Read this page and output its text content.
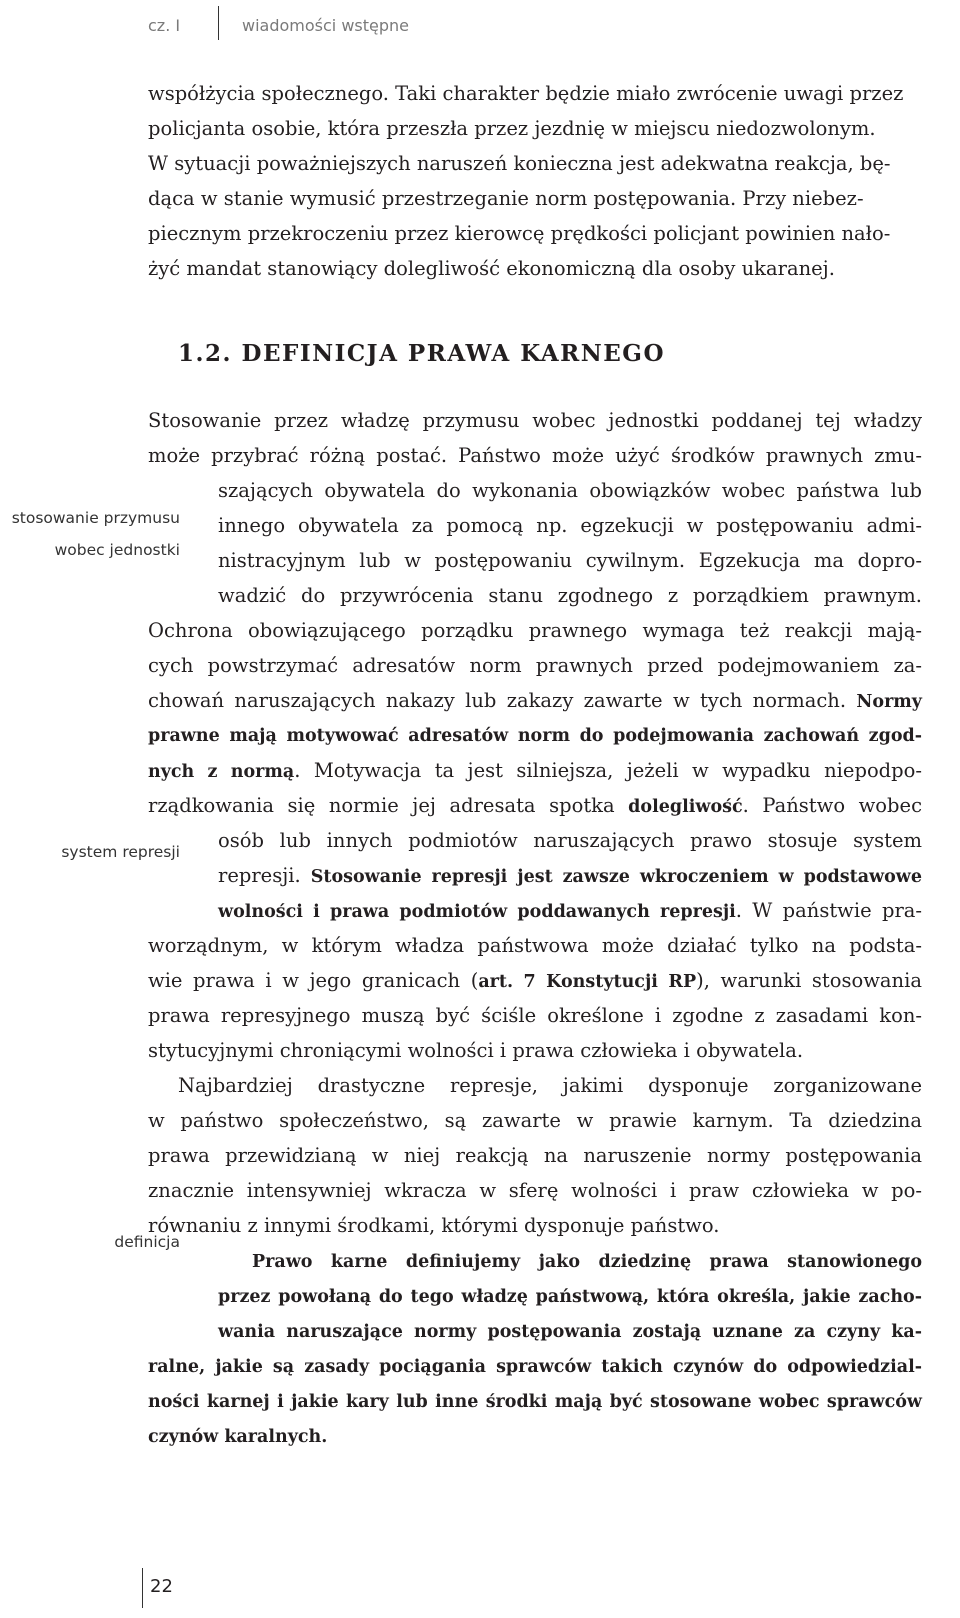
cz. I	wiadomości wstępne
współżycia społecznego. Taki charakter będzie miało zwrócenie uwagi przez
policjanta osobie, która przeszła przez jezdnię w miejscu niedozwolonym.
W sytuacji poważniejszych naruszeń konieczna jest adekwatna reakcja, bę-
dąca w stanie wymusić przestrzeganie norm postępowania. Przy niebez-
piecznym przekroczeniu przez kierowcę prędkości policjant powinien nało-
żyć mandat stanowiący dolegliwość ekonomiczną dla osoby ukaranej.
1.2. DEFINICJA PRAWA KARNEGO
stosowanie przymusu
wobec jednostki
system represji
definicja
Stosowanie przez władzę przymusu wobec jednostki poddanej tej władzy
może przybrać różną postać. Państwo może użyć środków prawnych zmu-
szających obywatela do wykonania obowiązków wobec państwa lub
innego obywatela za pomocą np. egzekucji w postępowaniu admi-
nistracyjnym lub w postępowaniu cywilnym. Egzekucja ma dopro-
wadzić do przywrócenia stanu zgodnego z porządkiem prawnym.
Ochrona obowiązującego porządku prawnego wymaga też reakcji mają-
cych powstrzymać adresatów norm prawnych przed podejmowaniem za-
chowań naruszających nakazy lub zakazy zawarte w tych normach. Normy
prawne mają motywować adresatów norm do podejmowania zachowań zgod-
nych z normą. Motywacja ta jest silniejsza, jeżeli w wypadku niepodpo-
rządkowania się normie jej adresata spotka dolegliwość. Państwo wobec
osób lub innych podmiotów naruszających prawo stosuje system
represji. Stosowanie represji jest zawsze wkroczeniem w podstawowe
wolności i prawa podmiotów poddawanych represji. W państwie pra-
worządnym, w którym władza państwowa może działać tylko na podsta-
wie prawa i w jego granicach (art. 7 Konstytucji RP), warunki stosowania
prawa represyjnego muszą być ściśle określone i zgodne z zasadami kon-
stytucyjnymi chroniącymi wolności i prawa człowieka i obywatela.
Najbardziej drastyczne represje, jakimi dysponuje zorganizowane
w państwo społeczeństwo, są zawarte w prawie karnym. Ta dziedzina
prawa przewidzianą w niej reakcją na naruszenie normy postępowania
znacznie intensywniej wkracza w sferę wolności i praw człowieka w po-
równaniu z innymi środkami, którymi dysponuje państwo.
Prawo karne definiujemy jako dziedzinę prawa stanowionego
przez powołaną do tego władzę państwową, która określa, jakie zacho-
wania naruszające normy postępowania zostają uznane za czyny ka-
ralne, jakie są zasady pociągania sprawców takich czynów do odpowiedzial-
ności karnej i jakie kary lub inne środki mają być stosowane wobec sprawców
czynów karalnych.
22
